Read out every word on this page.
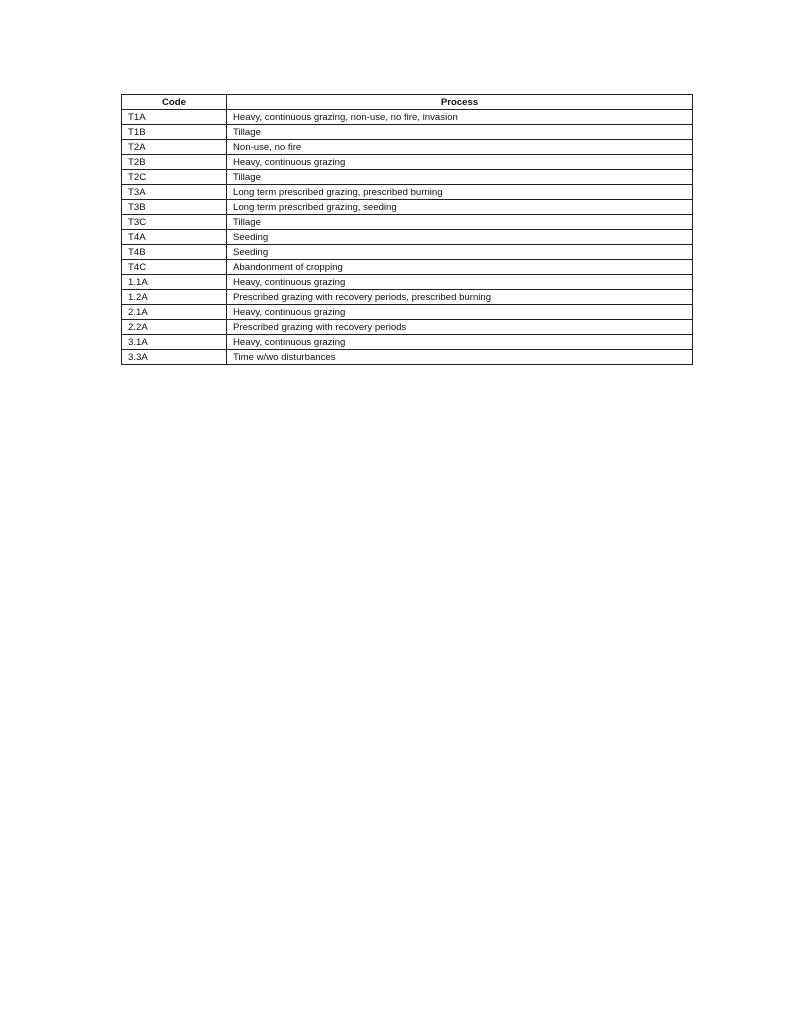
Code	Process
T1A	Heavy, continuous grazing, non-use, no fire, invasion
T1B	Tillage
T2A	Non-use, no fire
T2B	Heavy, continuous grazing
T2C	Tillage
T3A	Long term prescribed grazing, prescribed burning
T3B	Long term prescribed grazing, seeding
T3C	Tillage
T4A	Seeding
T4B	Seeding
T4C	Abandonment of cropping
1.1A	Heavy, continuous grazing
1.2A	Prescribed grazing with recovery periods, prescribed burning
2.1A	Heavy, continuous grazing
2.2A	Prescribed grazing with recovery periods
3.1A	Heavy, continuous grazing
3.3A	Time w/wo disturbances
